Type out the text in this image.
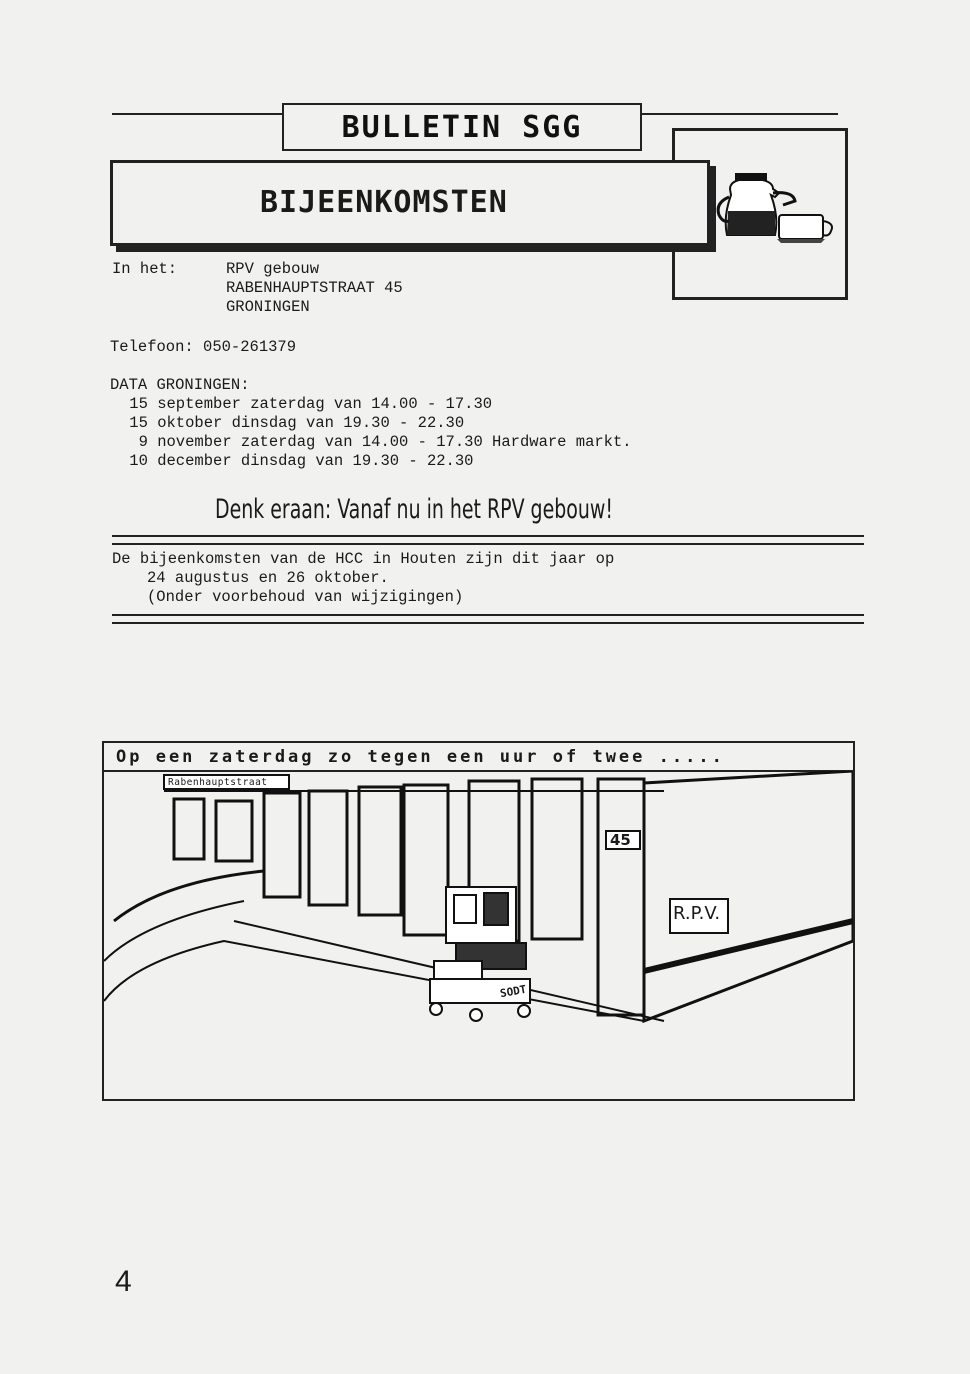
BULLETIN SGG
BIJEENKOMSTEN
In het:	RPV gebouw
RABENHAUPTSTRAAT 45
GRONINGEN
Telefoon: 050-261379
DATA GRONINGEN:
15 september zaterdag van 14.00 - 17.30
15 oktober dinsdag van 19.30 - 22.30
9 november zaterdag van 14.00 - 17.30 Hardware markt.
10 december dinsdag van 19.30 - 22.30
Denk eraan: Vanaf nu in het RPV gebouw!
De bijeenkomsten van de HCC in Houten zijn dit jaar op
24 augustus en 26 oktober.
(Onder voorbehoud van wijzigingen)
Op een zaterdag zo tegen een uur of twee .....
Rabenhauptstraat
45
R.P.V.
SODT
4
